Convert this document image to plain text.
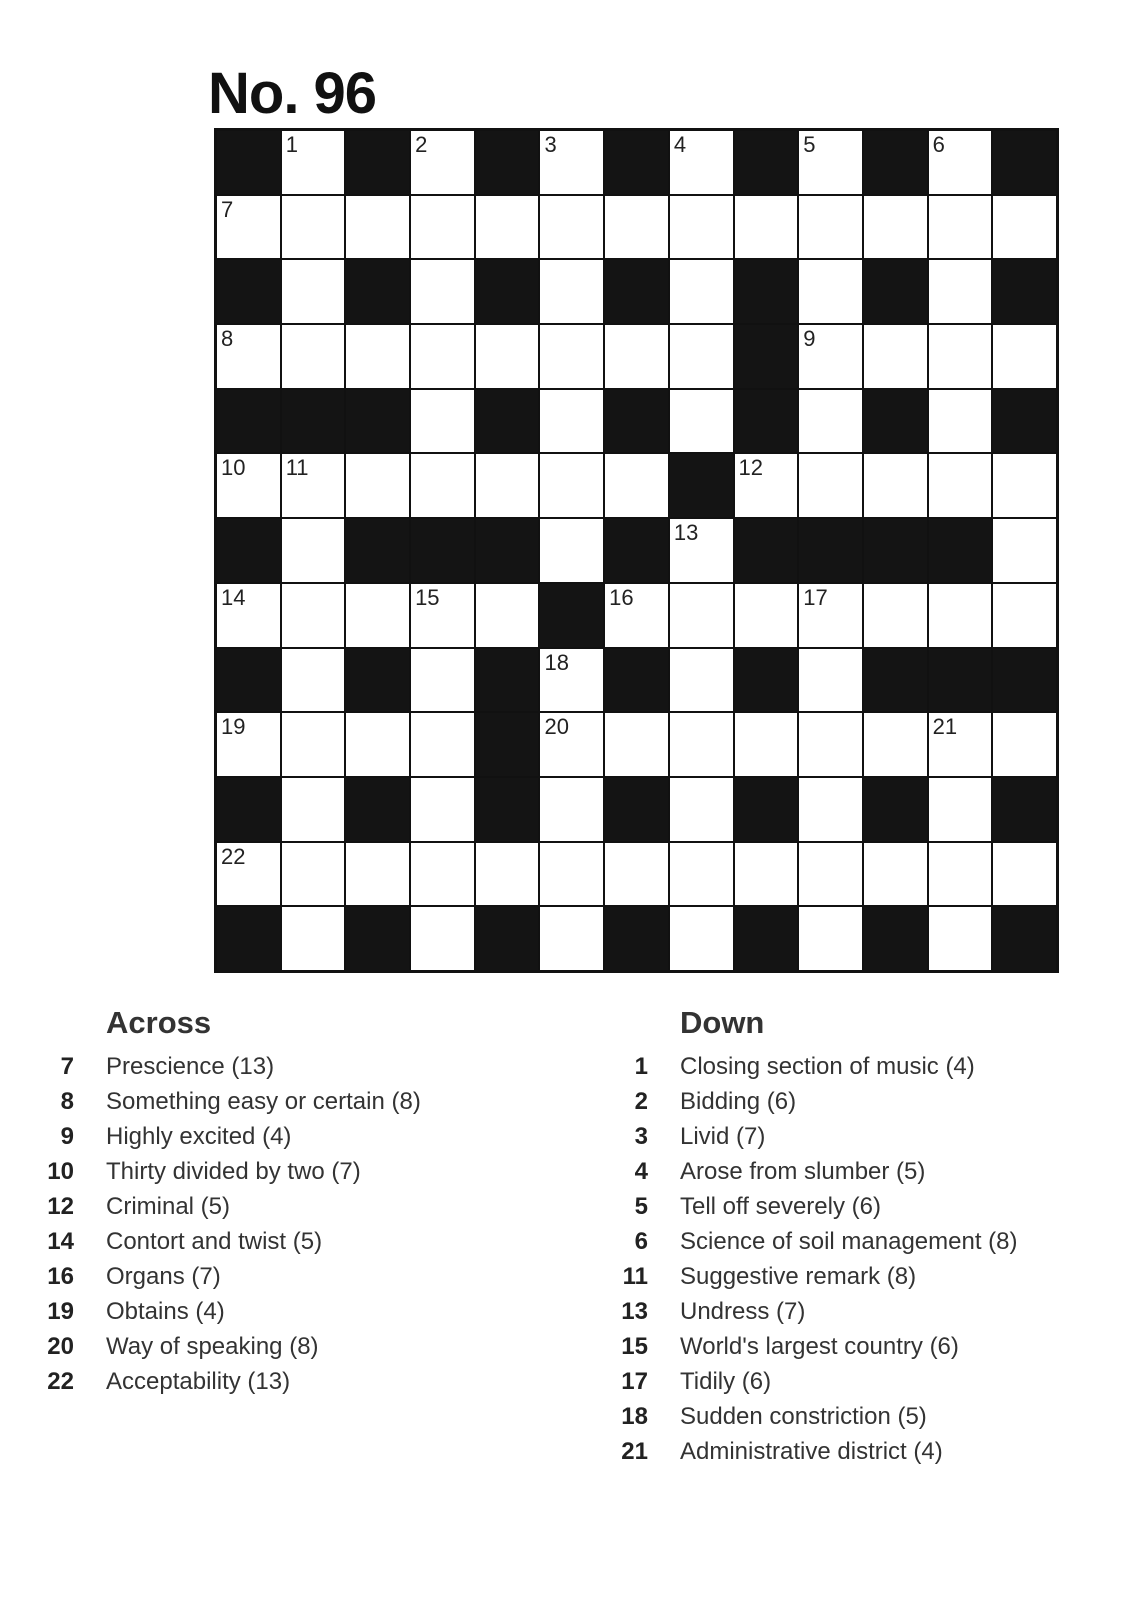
No. 96
1	2	3	4	5	6
7
8	9
10 11	12
13
14	15	16	17
18
19	20	21
22
Across
7 Prescience (13)
8 Something easy or certain (8)
9 Highly excited (4)
10 Thirty divided by two (7)
12 Criminal (5)
14 Contort and twist (5)
16 Organs (7)
19 Obtains (4)
20 Way of speaking (8)
22 Acceptability (13)
Down
1 Closing section of music (4)
2 Bidding (6)
3 Livid (7)
4 Arose from slumber (5)
5 Tell off severely (6)
6 Science of soil management (8)
11 Suggestive remark (8)
13 Undress (7)
15 World's largest country (6)
17 Tidily (6)
18 Sudden constriction (5)
21 Administrative district (4)
